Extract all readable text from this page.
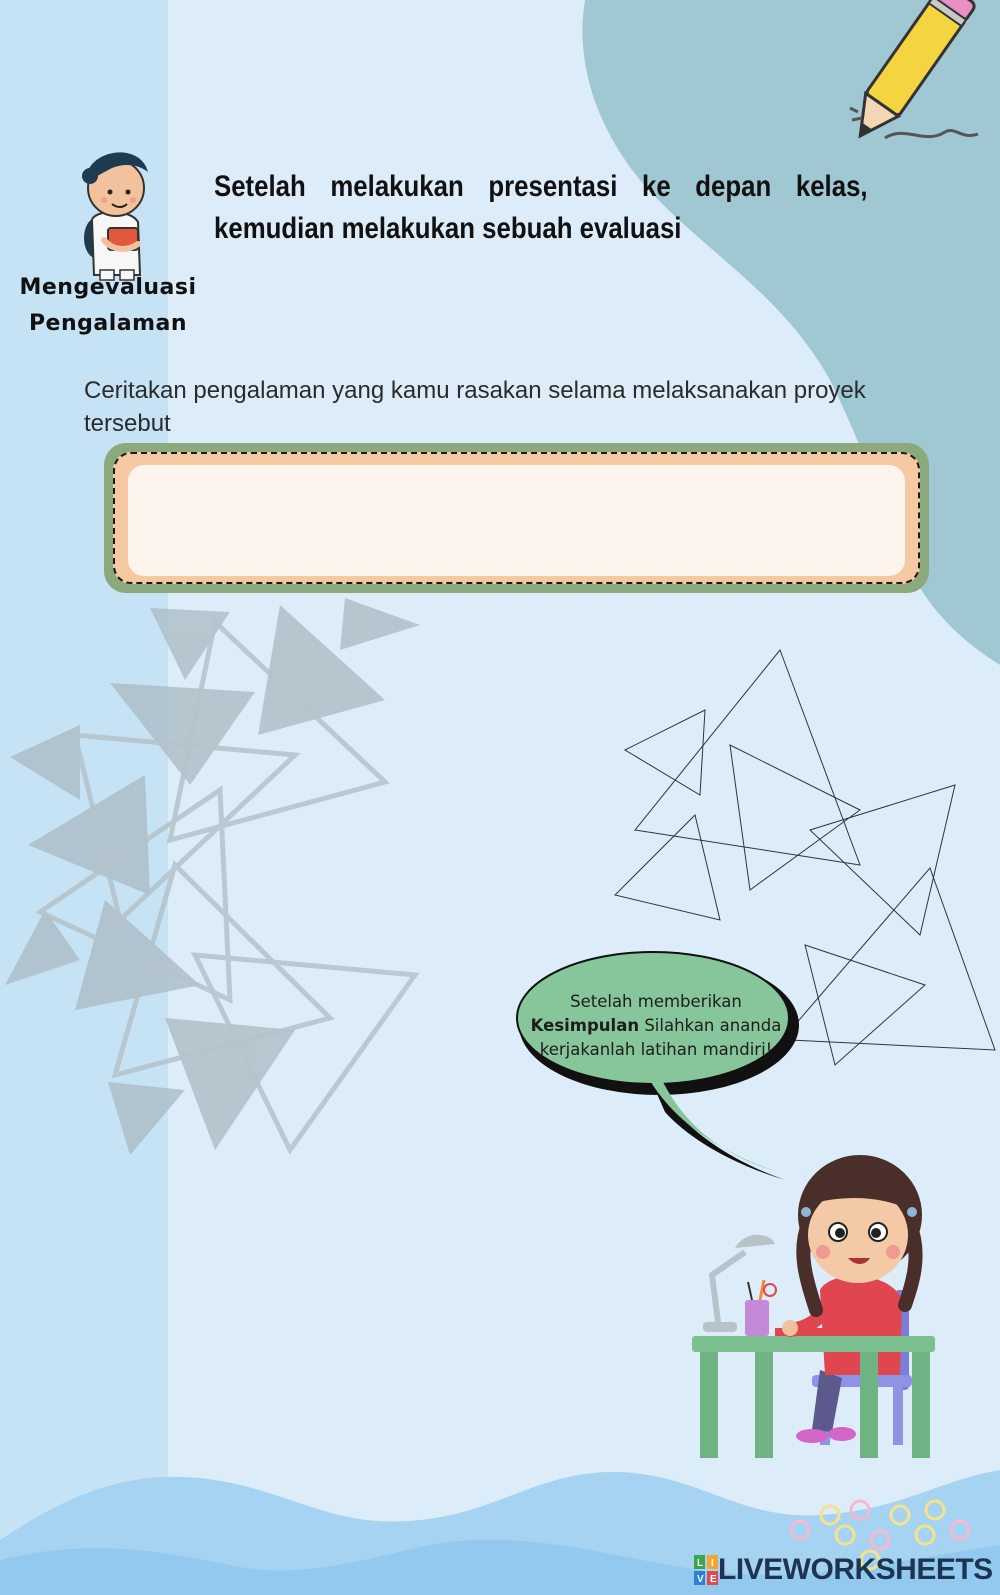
Mengevaluasi
Pengalaman
Setelah melakukan presentasi ke depan kelas, kemudian melakukan sebuah evaluasi
Ceritakan pengalaman yang kamu rasakan selama melaksanakan proyek tersebut
Setelah memberikan
Kesimpulan Silahkan ananda
kerjakanlah latihan mandiri!
L I
V E LIVEWORKSHEETS
